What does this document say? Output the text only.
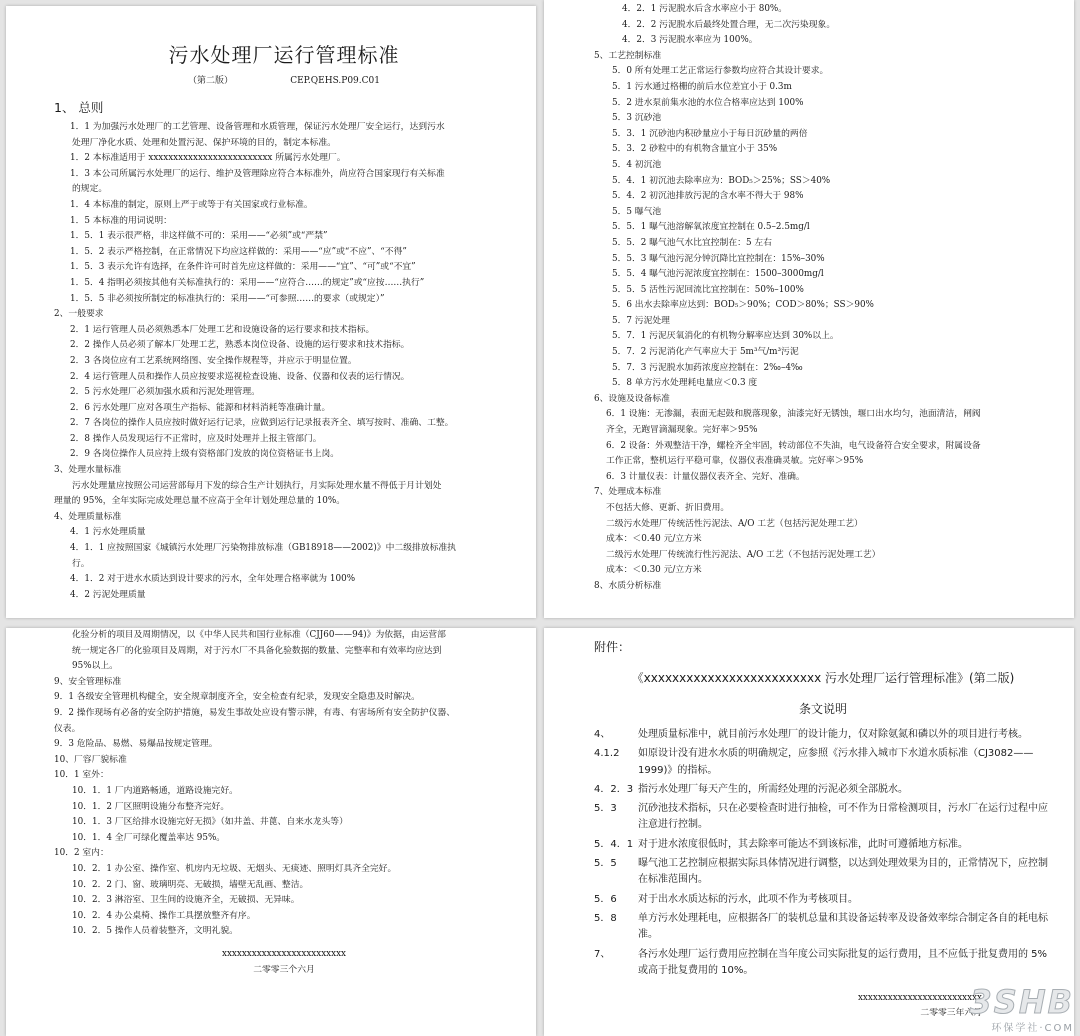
污水处理厂运行管理标准
（第二版）                    CEP.QEHS.P09.C01
1、 总则
1．1 为加强污水处理厂的工艺管理、设备管理和水质管理，保证污水处理厂安全运行，达到污水
处理厂净化水质、处理和处置污泥、保护环境的目的，制定本标准。
1．2 本标准适用于 xxxxxxxxxxxxxxxxxxxxxxxxx 所属污水处理厂。
1．3 本公司所属污水处理厂的运行、维护及管理除应符合本标准外，尚应符合国家现行有关标准
的规定。
1．4 本标准的制定，原则上严于或等于有关国家或行业标准。
1．5 本标准的用词说明：
1．5．1 表示很严格，非这样做不可的：采用——“必须”或“严禁”
1．5．2 表示严格控制，在正常情况下均应这样做的：采用——“应”或“不应”、“不得”
1．5．3 表示允许有选择，在条件许可时首先应这样做的：采用——“宜”、“可”或“不宜”
1．5．4 指明必须按其他有关标准执行的：采用——“应符合……的规定”或“应按……执行”
1．5．5 非必须按所制定的标准执行的：采用——“可参照……的要求（或规定）”
2、一般要求
2．1 运行管理人员必须熟悉本厂处理工艺和设施设备的运行要求和技术指标。
2．2 操作人员必须了解本厂处理工艺，熟悉本岗位设备、设施的运行要求和技术指标。
2．3 各岗位应有工艺系统网络图、安全操作规程等，并应示于明显位置。
2．4 运行管理人员和操作人员应按要求巡视检查设施、设备、仪器和仪表的运行情况。
2．5 污水处理厂必须加强水质和污泥处理管理。
2．6 污水处理厂应对各项生产指标、能源和材料消耗等准确计量。
2．7 各岗位的操作人员应按时做好运行记录，应做到运行记录报表齐全、填写按时、准确、工整。
2．8 操作人员发现运行不正常时，应及时处理并上报主管部门。
2．9 各岗位操作人员应持上级有资格部门发放的岗位资格证书上岗。
3、处理水量标准
污水处理量应按照公司运营部每月下发的综合生产计划执行，月实际处理水量不得低于月计划处
理量的 95%，全年实际完成处理总量不应高于全年计划处理总量的 10%。
4、处理质量标准
4．1 污水处理质量
4．1．1 应按照国家《城镇污水处理厂污染物排放标准（GB18918——2002)》中二级排放标准执
行。
4．1．2 对于进水水质达到设计要求的污水，全年处理合格率就为 100%
4．2 污泥处理质量
4．2．1 污泥脱水后含水率应小于 80%。
4．2．2 污泥脱水后最终处置合理，无二次污染现象。
4．2．3 污泥脱水率应为 100%。
5、工艺控制标准
5．0 所有处理工艺正常运行参数均应符合其设计要求。
5．1 污水通过格栅的前后水位差宜小于 0.3m
5．2 进水泵前集水池的水位合格率应达到 100%
5．3 沉砂池
5．3．1 沉砂池内积砂量应小于每日沉砂量的两倍
5．3．2 砂粒中的有机物含量宜小于 35%
5．4 初沉池
5．4．1 初沉池去除率应为：BOD₅＞25%；SS＞40%
5．4．2 初沉池排放污泥的含水率不得大于 98%
5．5 曝气池
5．5．1 曝气池溶解氧浓度宜控制在 0.5–2.5mg/l
5．5．2 曝气池气水比宜控制在：5 左右
5．5．3 曝气池污泥分钟沉降比宜控制在：15%–30%
5．5．4 曝气池污泥浓度宜控制在：1500–3000mg/l
5．5．5 活性污泥回流比宜控制在：50%–100%
5．6 出水去除率应达到：BOD₅＞90%；COD＞80%；SS＞90%
5．7 污泥处理
5．7．1 污泥厌氧消化的有机物分解率应达到 30%以上。
5．7．2 污泥消化产气率应大于 5m³气/m³污泥
5．7．3 污泥脱水加药浓度应控制在：2‰–4‰
5．8 单方污水处理耗电量应＜0.3 度
6、设施及设备标准
6．1 设施：无渗漏，表面无起鼓和脱落现象，油漆完好无锈蚀，堰口出水均匀，池面清洁，闸阀
齐全，无跑冒滴漏现象。完好率＞95%
6．2 设备：外观整洁干净，螺栓齐全牢固，转动部位不失油，电气设备符合安全要求，附属设备
工作正常，整机运行平稳可靠，仪器仪表准确灵敏。完好率＞95%
6．3 计量仪表：计量仪器仪表齐全、完好、准确。
7、处理成本标准
不包括大修、更新、折旧费用。
二级污水处理厂传统活性污泥法、A/O 工艺（包括污泥处理工艺）
成本：＜0.40 元/立方米
二级污水处理厂传统流行性污泥法、A/O 工艺（不包括污泥处理工艺）
成本：＜0.30 元/立方米
8、水质分析标准
化验分析的项目及周期情况，以《中华人民共和国行业标准（CJJ60——94)》为依据，由运营部
统一规定各厂的化验项目及周期，对于污水厂不具备化验数据的数量、完整率和有效率均应达到
95%以上。
9、安全管理标准
9．1 各级安全管理机构健全，安全规章制度齐全，安全检查有纪录，发现安全隐患及时解决。
9．2 操作现场有必备的安全防护措施，易发生事故处应设有警示牌，有毒、有害场所有安全防护仪器、
仪表。
9．3 危险品、易燃、易爆品按规定管理。
10、厂容厂貌标准
10．1 室外：
10．1．1 厂内道路畅通，道路设施完好。
10．1．2 厂区照明设施分布整齐完好。
10．1．3 厂区给排水设施完好无损》（如井盖、井蓖、自来水龙头等）
10．1．4 全厂可绿化覆盖率达 95%。
10．2 室内：
10．2．1 办公室、操作室、机房内无垃圾、无烟头、无痰迹、照明灯具齐全完好。
10．2．2 门、窗、玻璃明亮、无破损，墙壁无乱画、整洁。
10．2．3 淋浴室、卫生间的设施齐全，无破损、无异味。
10．2．4 办公桌椅、操作工具摆放整齐有序。
10．2．5 操作人员着装整齐，文明礼貌。
xxxxxxxxxxxxxxxxxxxxxxxxx
二零零三个六月
附件：
《xxxxxxxxxxxxxxxxxxxxxxxxx 污水处理厂运行管理标准》(第二版)
条文说明
4、	处理质量标准中，就目前污水处理厂的设计能力，仅对除氨氮和磷以外的项目进行考核。
4.1.2	如原设计没有进水水质的明确规定，应参照《污水排入城市下水道水质标准（CJ3082——1999)》的指标。
4．2．3 指污水处理厂每天产生的，所需经处理的污泥必须全部脱水。
5．3	沉砂池技术指标，只在必要检查时进行抽检，可不作为日常检测项目，污水厂在运行过程中应注意进行控制。
5．4．1 对于进水浓度很低时，其去除率可能达不到该标准，此时可遵循地方标准。
5．5	曝气池工艺控制应根据实际具体情况进行调整，以达到处理效果为目的，正常情况下，应控制在标准范围内。
5．6	对于出水水质达标的污水，此项不作为考核项目。
5．8	单方污水处理耗电，应根据各厂的装机总量和其设备运转率及设备效率综合制定各自的耗电标准。
7、	各污水处理厂运行费用应控制在当年度公司实际批复的运行费用，且不应低于批复费用的 5%或高于批复费用的 10%。
xxxxxxxxxxxxxxxxxxxxxxxxx
二零零三年六月
3SHB
环保学社·COM
